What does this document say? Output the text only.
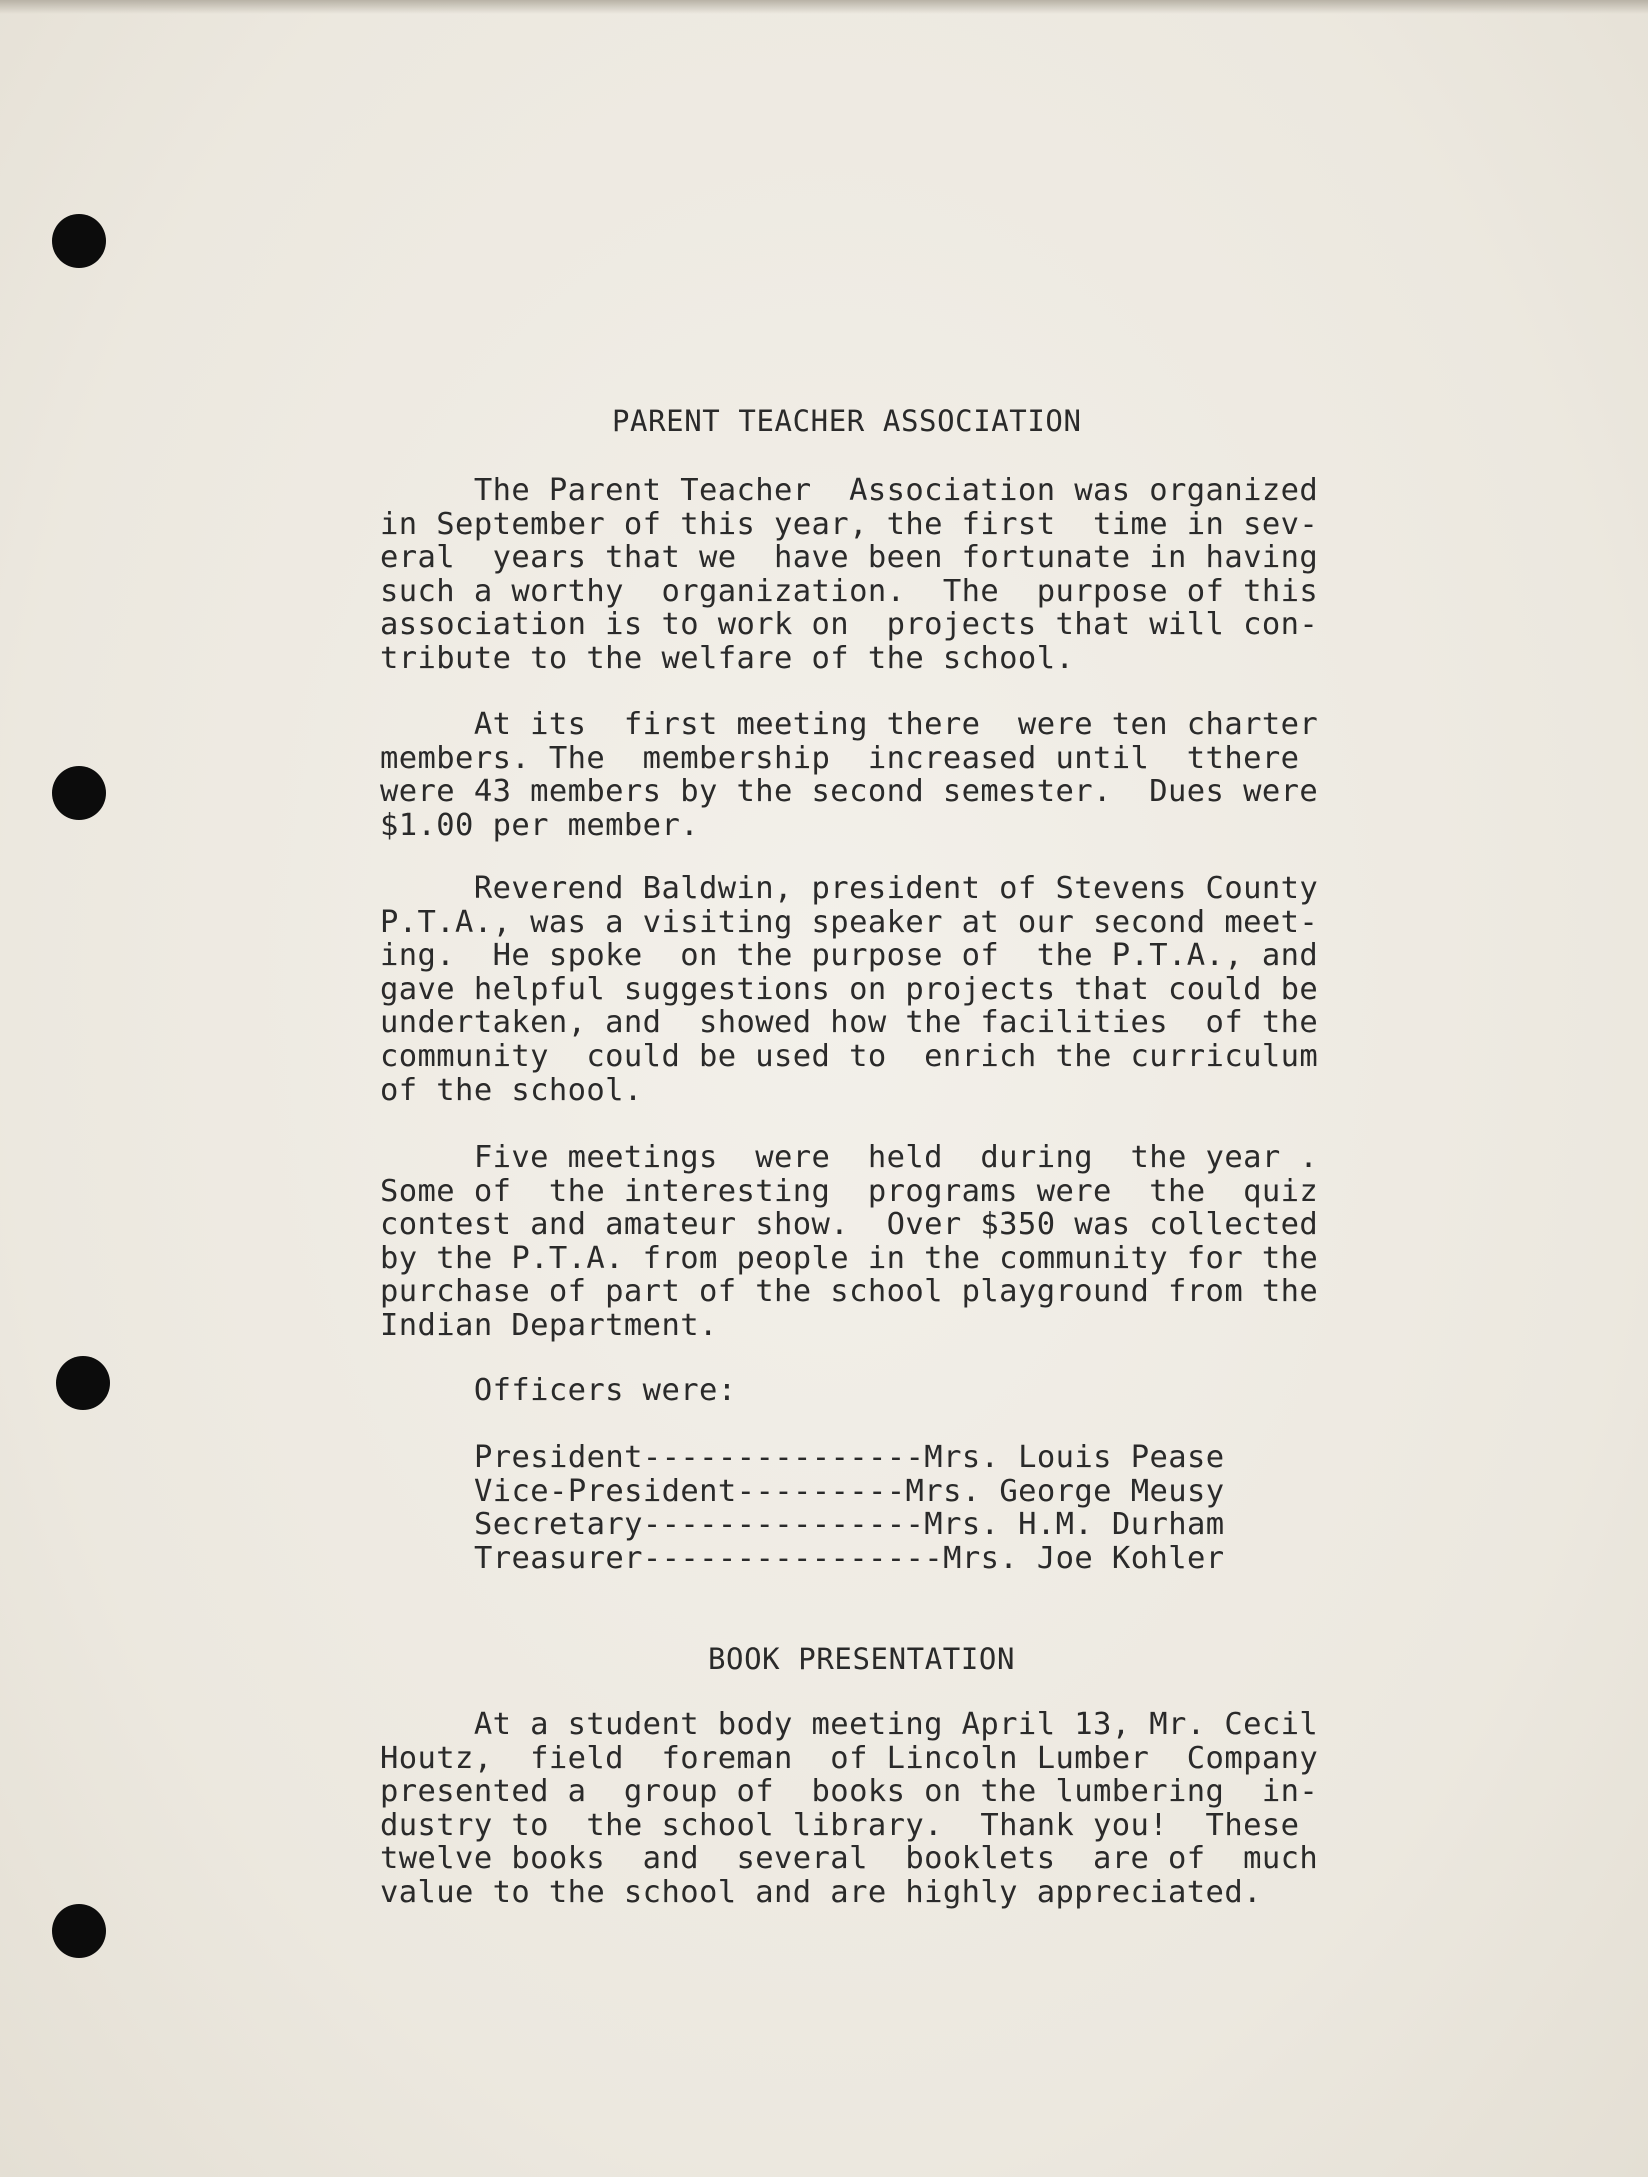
PARENT TEACHER ASSOCIATION
The Parent Teacher  Association was organized
in September of this year, the first  time in sev-
eral  years that we  have been fortunate in having
such a worthy  organization.  The  purpose of this
association is to work on  projects that will con-
tribute to the welfare of the school.
At its  first meeting there  were ten charter
members. The  membership  increased until  tthere
were 43 members by the second semester.  Dues were
$1.00 per member.
Reverend Baldwin, president of Stevens County
P.T.A., was a visiting speaker at our second meet-
ing.  He spoke  on the purpose of  the P.T.A., and
gave helpful suggestions on projects that could be
undertaken, and  showed how the facilities  of the
community  could be used to  enrich the curriculum
of the school.
Five meetings  were  held  during  the year .
Some of  the interesting  programs were  the  quiz
contest and amateur show.  Over $350 was collected
by the P.T.A. from people in the community for the
purchase of part of the school playground from the
Indian Department.
Officers were:
President---------------Mrs. Louis Pease
Vice-President---------Mrs. George Meusy
Secretary---------------Mrs. H.M. Durham
Treasurer----------------Mrs. Joe Kohler
BOOK PRESENTATION
At a student body meeting April 13, Mr. Cecil
Houtz,  field  foreman  of Lincoln Lumber  Company
presented a  group of  books on the lumbering  in-
dustry to  the school library.  Thank you!  These
twelve books  and  several  booklets  are of  much
value to the school and are highly appreciated.
